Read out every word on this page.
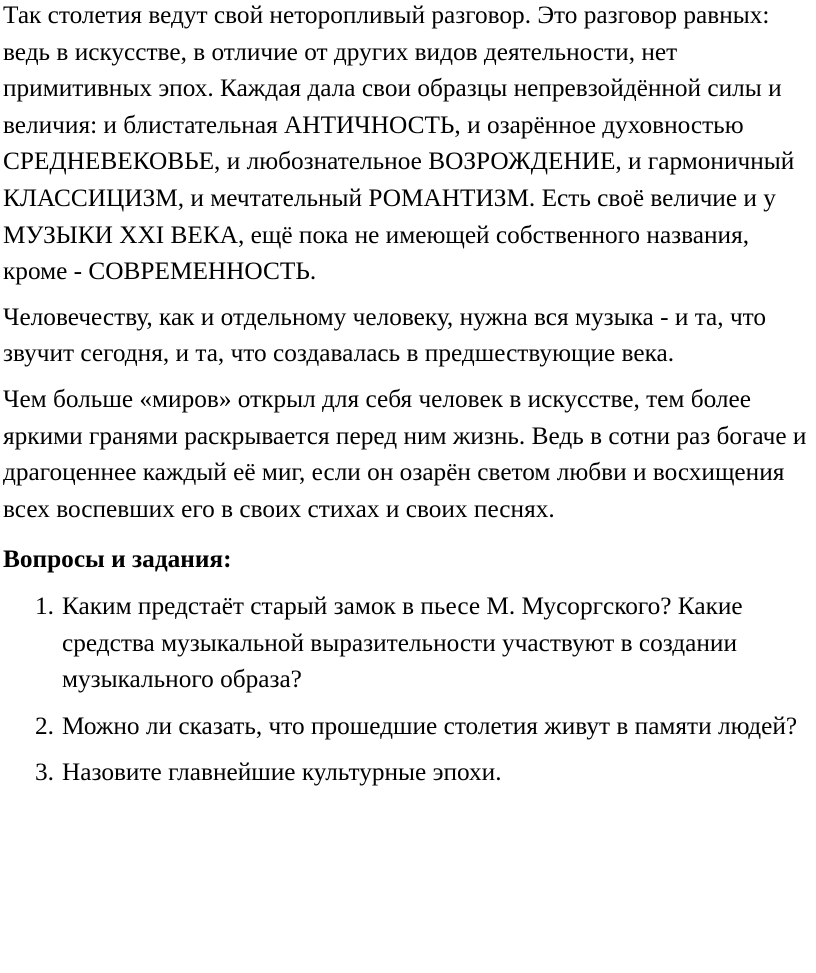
Так столетия ведут свой неторопливый разговор. Это разговор равных: ведь в искусстве, в отличие от других видов деятельности, нет примитивных эпох. Каждая дала свои образцы непревзойдённой силы и величия: и блистательная АНТИЧНОСТЬ, и озарённое духовностью СРЕДНЕВЕКОВЬЕ, и любознательное ВОЗРОЖДЕНИЕ, и гармоничный КЛАССИЦИЗМ, и мечтательный РОМАНТИЗМ. Есть своё величие и у МУЗЫКИ XXI ВЕКА, ещё пока не имеющей собственного названия, кроме - СОВРЕМЕННОСТЬ.

Человечеству, как и отдельному человеку, нужна вся музыка - и та, что звучит сегодня, и та, что создавалась в предшествующие века.

Чем больше «миров» открыл для себя человек в искусстве, тем более яркими гранями раскрывается перед ним жизнь. Ведь в сотни раз богаче и драгоценнее каждый её миг, если он озарён светом любви и восхищения всех воспевших его в своих стихах и своих песнях.

Вопросы и задания:

1. Каким предстаёт старый замок в пьесе М. Мусоргского? Какие средства музыкальной выразительности участвуют в создании музыкального образа?
2. Можно ли сказать, что прошедшие столетия живут в памяти людей?
3. Назовите главнейшие культурные эпохи.
